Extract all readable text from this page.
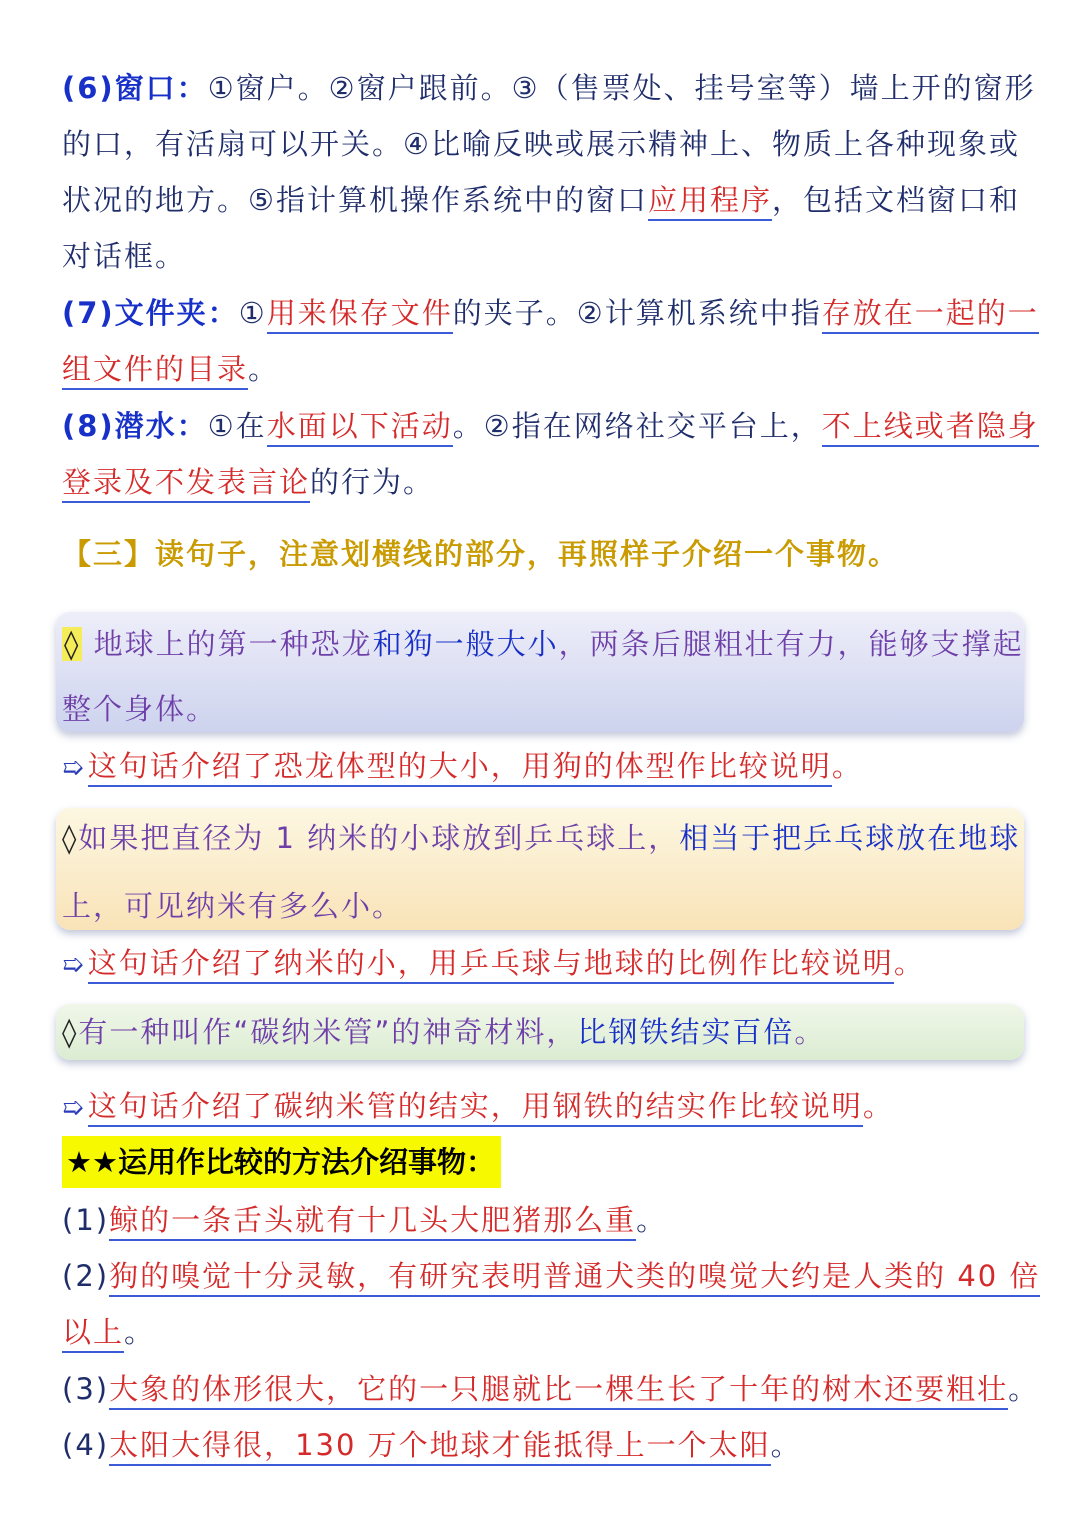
(6)窗口：①窗户。②窗户跟前。③（售票处、挂号室等）墙上开的窗形
的口，有活扇可以开关。④比喻反映或展示精神上、物质上各种现象或
状况的地方。⑤指计算机操作系统中的窗口应用程序，包括文档窗口和
对话框。
(7)文件夹：①用来保存文件的夹子。②计算机系统中指存放在一起的一
组文件的目录。
(8)潜水：①在水面以下活动。②指在网络社交平台上，不上线或者隐身
登录及不发表言论的行为。
【三】读句子，注意划横线的部分，再照样子介绍一个事物。
◊ 地球上的第一种恐龙和狗一般大小，两条后腿粗壮有力，能够支撑起
整个身体。
➯这句话介绍了恐龙体型的大小，用狗的体型作比较说明。
◊如果把直径为 1 纳米的小球放到乒乓球上，相当于把乒乓球放在地球
上，可见纳米有多么小。
➯这句话介绍了纳米的小，用乒乓球与地球的比例作比较说明。
◊有一种叫作“碳纳米管”的神奇材料，比钢铁结实百倍。
➯这句话介绍了碳纳米管的结实，用钢铁的结实作比较说明。
★★运用作比较的方法介绍事物：
(1)鲸的一条舌头就有十几头大肥猪那么重。
(2)狗的嗅觉十分灵敏，有研究表明普通犬类的嗅觉大约是人类的 40 倍
以上。
(3)大象的体形很大，它的一只腿就比一棵生长了十年的树木还要粗壮。
(4)太阳大得很，130 万个地球才能抵得上一个太阳。
